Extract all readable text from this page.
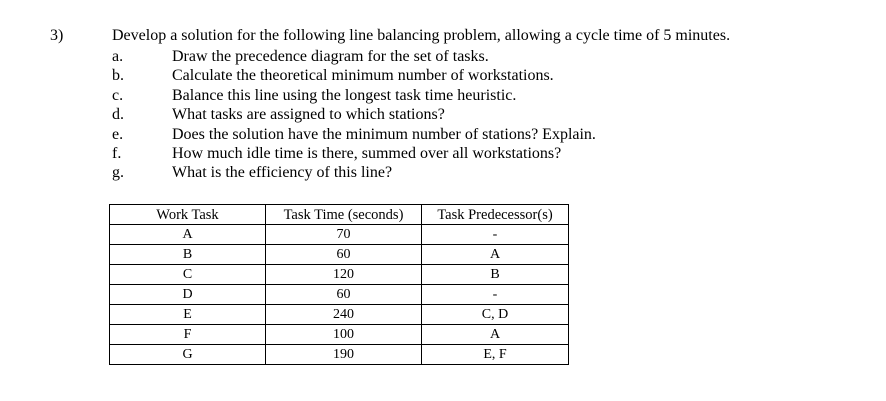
3)	Develop a solution for the following line balancing problem, allowing a cycle time of 5 minutes.
a.	Draw the precedence diagram for the set of tasks.
b.	Calculate the theoretical minimum number of workstations.
c.	Balance this line using the longest task time heuristic.
d.	What tasks are assigned to which stations?
e.	Does the solution have the minimum number of stations? Explain.
f.	How much idle time is there, summed over all workstations?
g.	What is the efficiency of this line?
Work Task	Task Time (seconds)	Task Predecessor(s)
A	70	-
B	60	A
C	120	B
D	60	-
E	240	C, D
F	100	A
G	190	E, F
